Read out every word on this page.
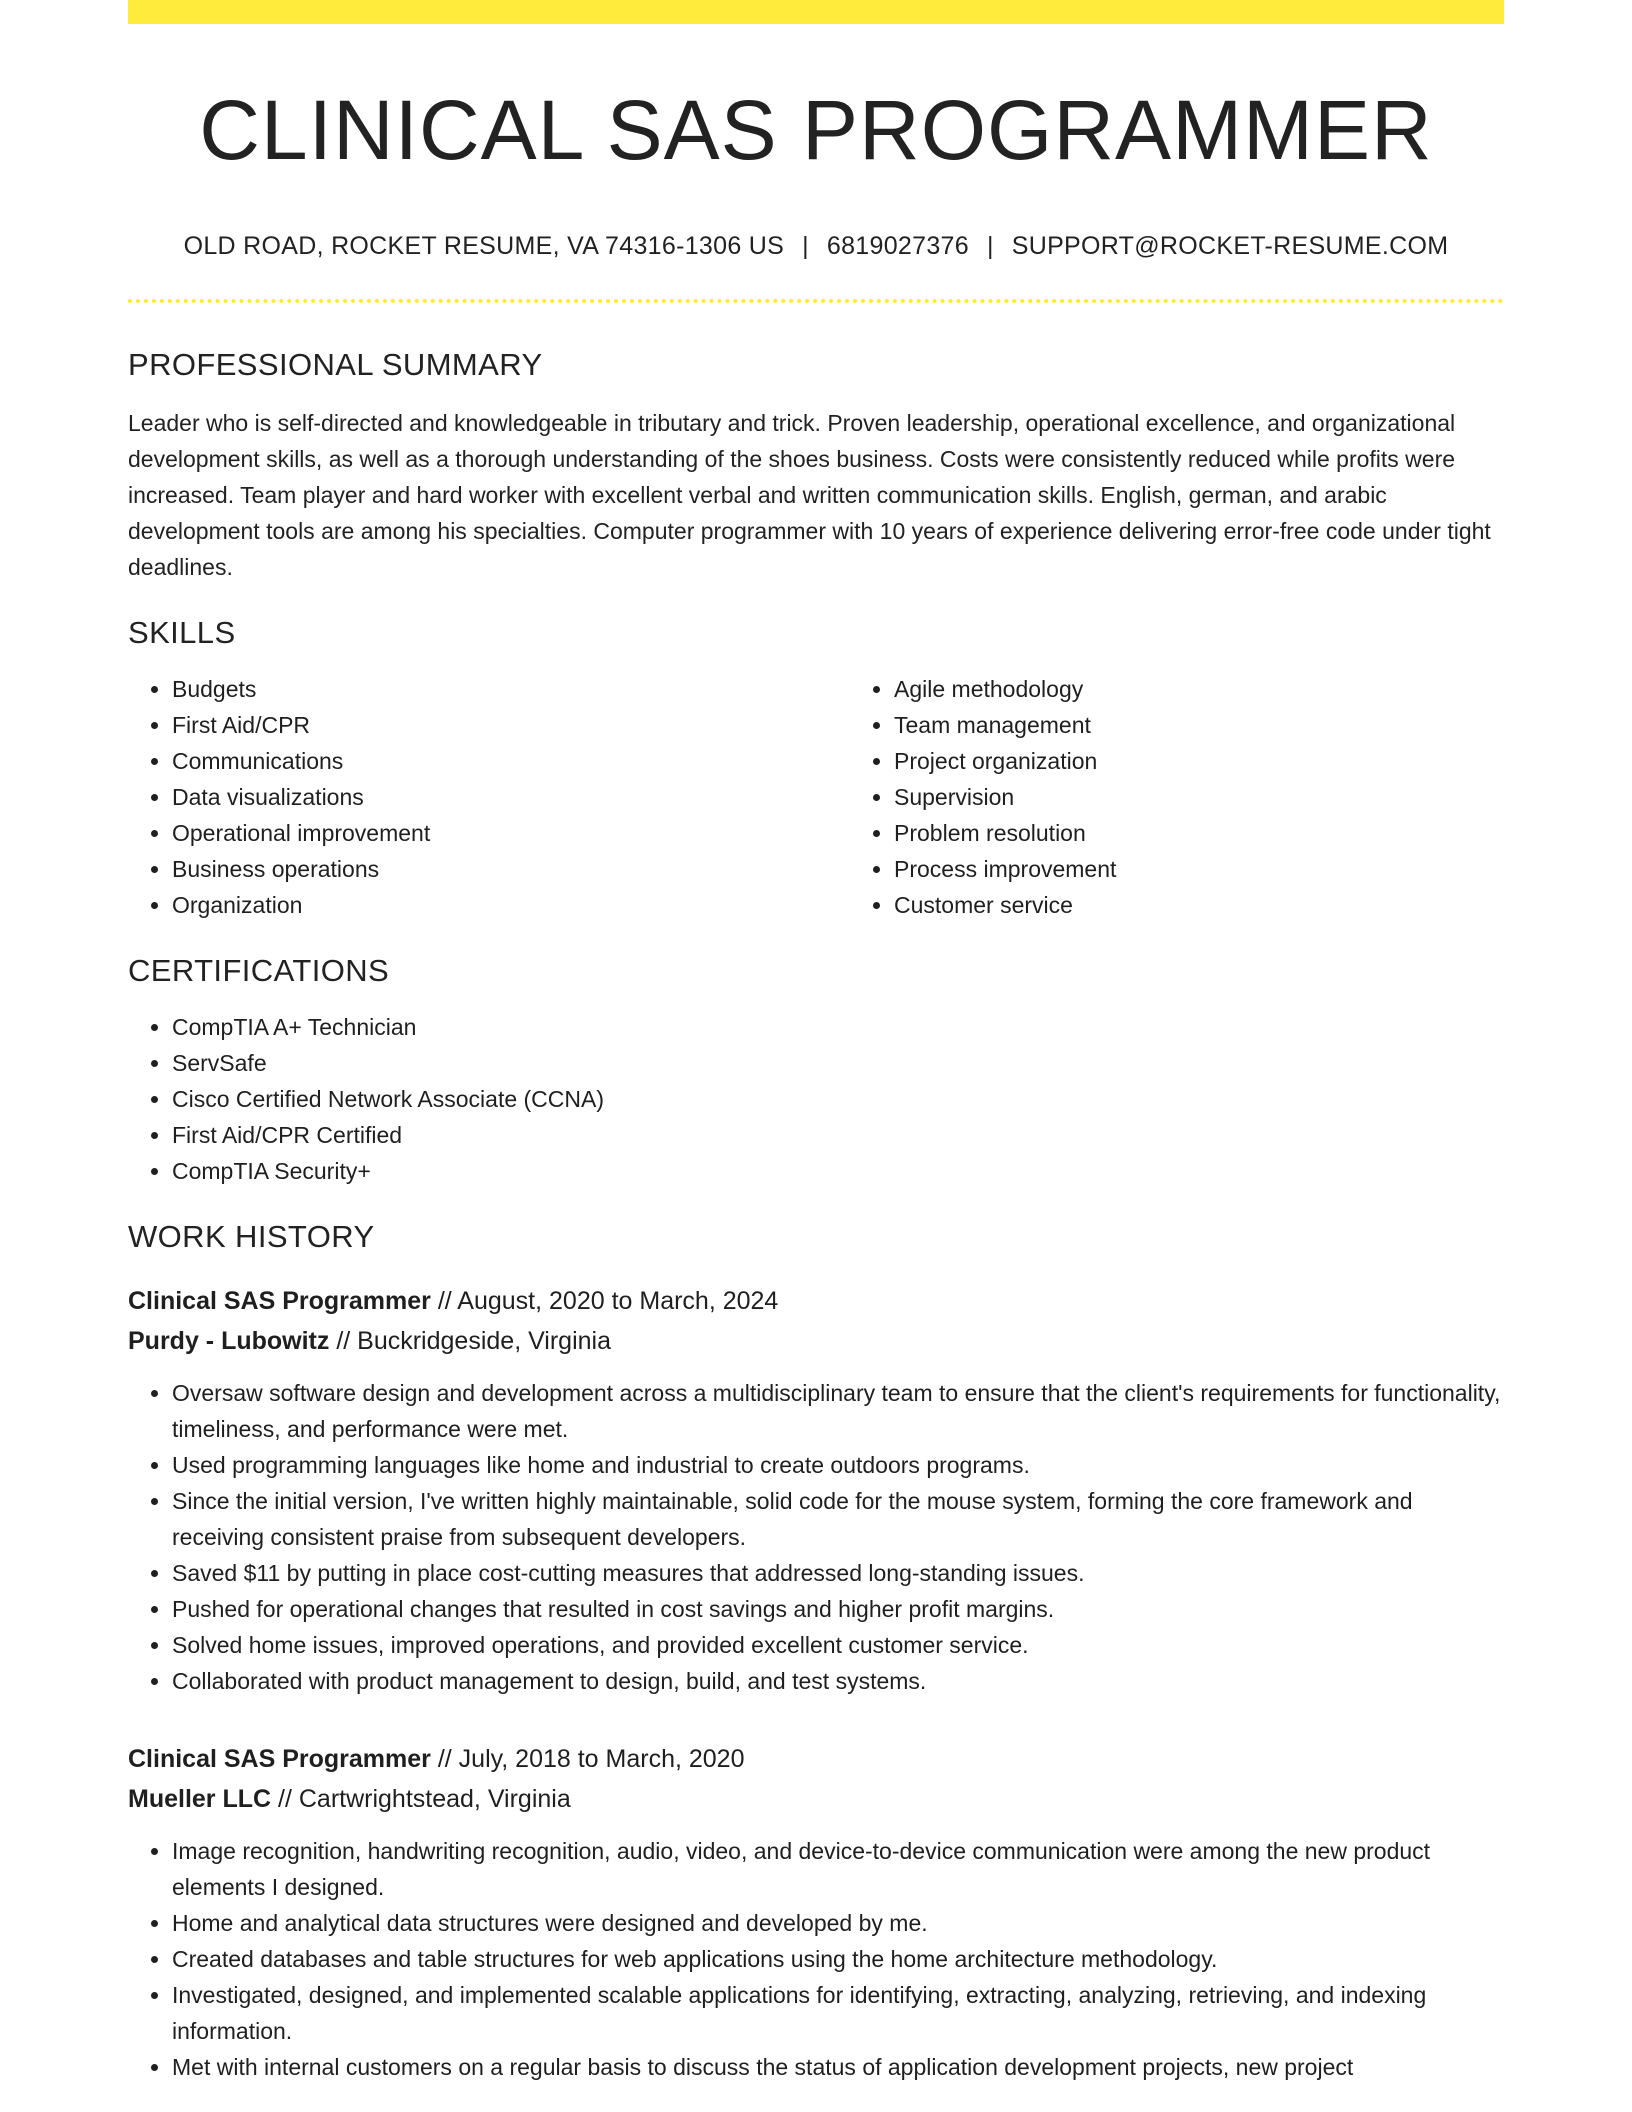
CLINICAL SAS PROGRAMMER
OLD ROAD, ROCKET RESUME, VA 74316-1306 US | 6819027376 | SUPPORT@ROCKET-RESUME.COM
PROFESSIONAL SUMMARY
Leader who is self-directed and knowledgeable in tributary and trick. Proven leadership, operational excellence, and organizational development skills, as well as a thorough understanding of the shoes business. Costs were consistently reduced while profits were increased. Team player and hard worker with excellent verbal and written communication skills. English, german, and arabic development tools are among his specialties. Computer programmer with 10 years of experience delivering error-free code under tight deadlines.
SKILLS
• Budgets
• First Aid/CPR
• Communications
• Data visualizations
• Operational improvement
• Business operations
• Organization
• Agile methodology
• Team management
• Project organization
• Supervision
• Problem resolution
• Process improvement
• Customer service
CERTIFICATIONS
• CompTIA A+ Technician
• ServSafe
• Cisco Certified Network Associate (CCNA)
• First Aid/CPR Certified
• CompTIA Security+
WORK HISTORY
Clinical SAS Programmer // August, 2020 to March, 2024
Purdy - Lubowitz // Buckridgeside, Virginia
• Oversaw software design and development across a multidisciplinary team to ensure that the client's requirements for functionality, timeliness, and performance were met.
• Used programming languages like home and industrial to create outdoors programs.
• Since the initial version, I've written highly maintainable, solid code for the mouse system, forming the core framework and receiving consistent praise from subsequent developers.
• Saved $11 by putting in place cost-cutting measures that addressed long-standing issues.
• Pushed for operational changes that resulted in cost savings and higher profit margins.
• Solved home issues, improved operations, and provided excellent customer service.
• Collaborated with product management to design, build, and test systems.
Clinical SAS Programmer // July, 2018 to March, 2020
Mueller LLC // Cartwrightstead, Virginia
• Image recognition, handwriting recognition, audio, video, and device-to-device communication were among the new product elements I designed.
• Home and analytical data structures were designed and developed by me.
• Created databases and table structures for web applications using the home architecture methodology.
• Investigated, designed, and implemented scalable applications for identifying, extracting, analyzing, retrieving, and indexing information.
• Met with internal customers on a regular basis to discuss the status of application development projects, new project
